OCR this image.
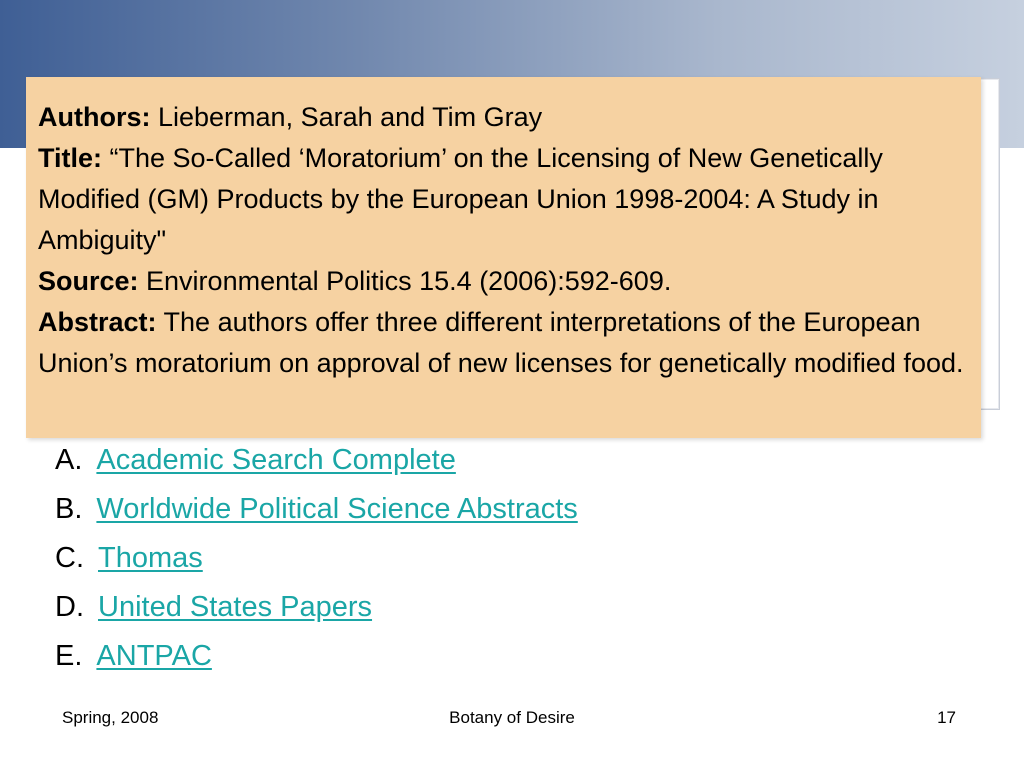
Authors: Lieberman, Sarah and Tim Gray

Title: “The So-Called ‘Moratorium’ on the Licensing of New Genetically Modified (GM) Products by the European Union 1998-2004: A Study in Ambiguity"

Source: Environmental Politics 15.4 (2006):592-609.

Abstract: The authors offer three different interpretations of the European Union’s moratorium on approval of new licenses for genetically modified food.

A. Academic Search Complete
B. Worldwide Political Science Abstracts
C. Thomas
D. United States Papers
E. ANTPAC
Spring, 2008	Botany of Desire	17
